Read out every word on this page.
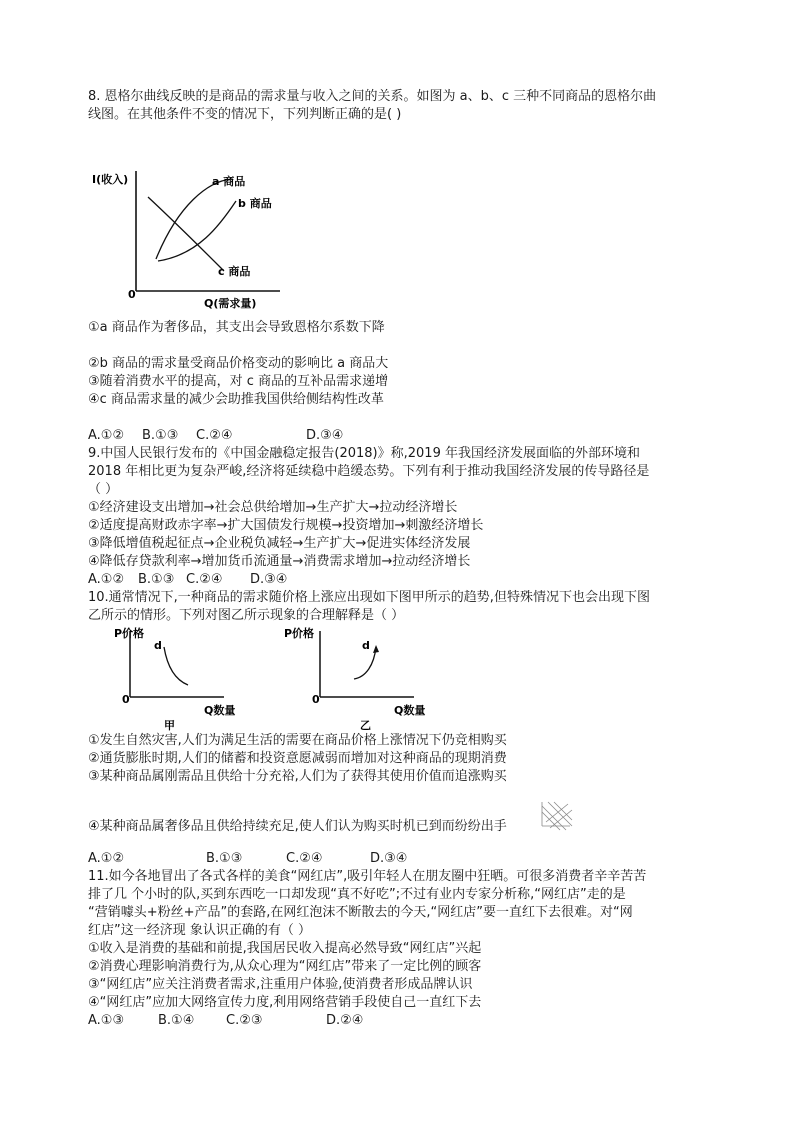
8. 恩格尔曲线反映的是商品的需求量与收入之间的关系。如图为 a、b、c 三种不同商品的恩格尔曲
线图。在其他条件不变的情况下，下列判断正确的是( )
I(收入)
0
Q(需求量)
a 商品
b 商品
c 商品
①a 商品作为奢侈品，其支出会导致恩格尔系数下降
②b 商品的需求量受商品价格变动的影响比 a 商品大
③随着消费水平的提高，对 c 商品的互补品需求递增
④c 商品需求量的减少会助推我国供给侧结构性改革
A.①② B.①③ C.②④	D.③④
9.中国人民银行发布的《中国金融稳定报告(2018)》称,2019 年我国经济发展面临的外部环境和
2018 年相比更为复杂严峻,经济将延续稳中趋缓态势。下列有利于推动我国经济发展的传导路径是
（ ）
①经济建设支出增加→社会总供给增加→生产扩大→拉动经济增长
②适度提高财政赤字率→扩大国债发行规模→投资增加→刺激经济增长
③降低增值税起征点→企业税负减轻→生产扩大→促进实体经济发展
④降低存贷款利率→增加货币流通量→消费需求增加→拉动经济增长
A.①② B.①③ C.②④ D.③④
10.通常情况下,一种商品的需求随价格上涨应出现如下图甲所示的趋势,但特殊情况下也会出现下图
乙所示的情形。下列对图乙所示现象的合理解释是（ ）
P价格
d
0
Q数量
甲
P价格
d
0
Q数量
乙
①发生自然灾害,人们为满足生活的需要在商品价格上涨情况下仍竞相购买
②通货膨胀时期,人们的储蓄和投资意愿减弱而增加对这种商品的现期消费
③某种商品属刚需品且供给十分充裕,人们为了获得其使用价值而追涨购买
④某种商品属奢侈品且供给持续充足,使人们认为购买时机已到而纷纷出手
A.①②	B.①③	C.②④	D.③④
11.如今各地冒出了各式各样的美食“网红店”,吸引年轻人在朋友圈中狂晒。可很多消费者辛辛苦苦
排了几 个小时的队,买到东西吃一口却发现“真不好吃”;不过有业内专家分析称,“网红店”走的是
“营销噱头+粉丝+产品”的套路,在网红泡沫不断散去的今天,“网红店”要一直红下去很难。对“网
红店”这一经济现 象认识正确的有（ ）
①收入是消费的基础和前提,我国居民收入提高必然导致“网红店”兴起
②消费心理影响消费行为,从众心理为“网红店”带来了一定比例的顾客
③“网红店”应关注消费者需求,注重用户体验,使消费者形成品牌认识
④“网红店”应加大网络宣传力度,利用网络营销手段使自己一直红下去
A.①③	B.①④ C.②③	D.②④
